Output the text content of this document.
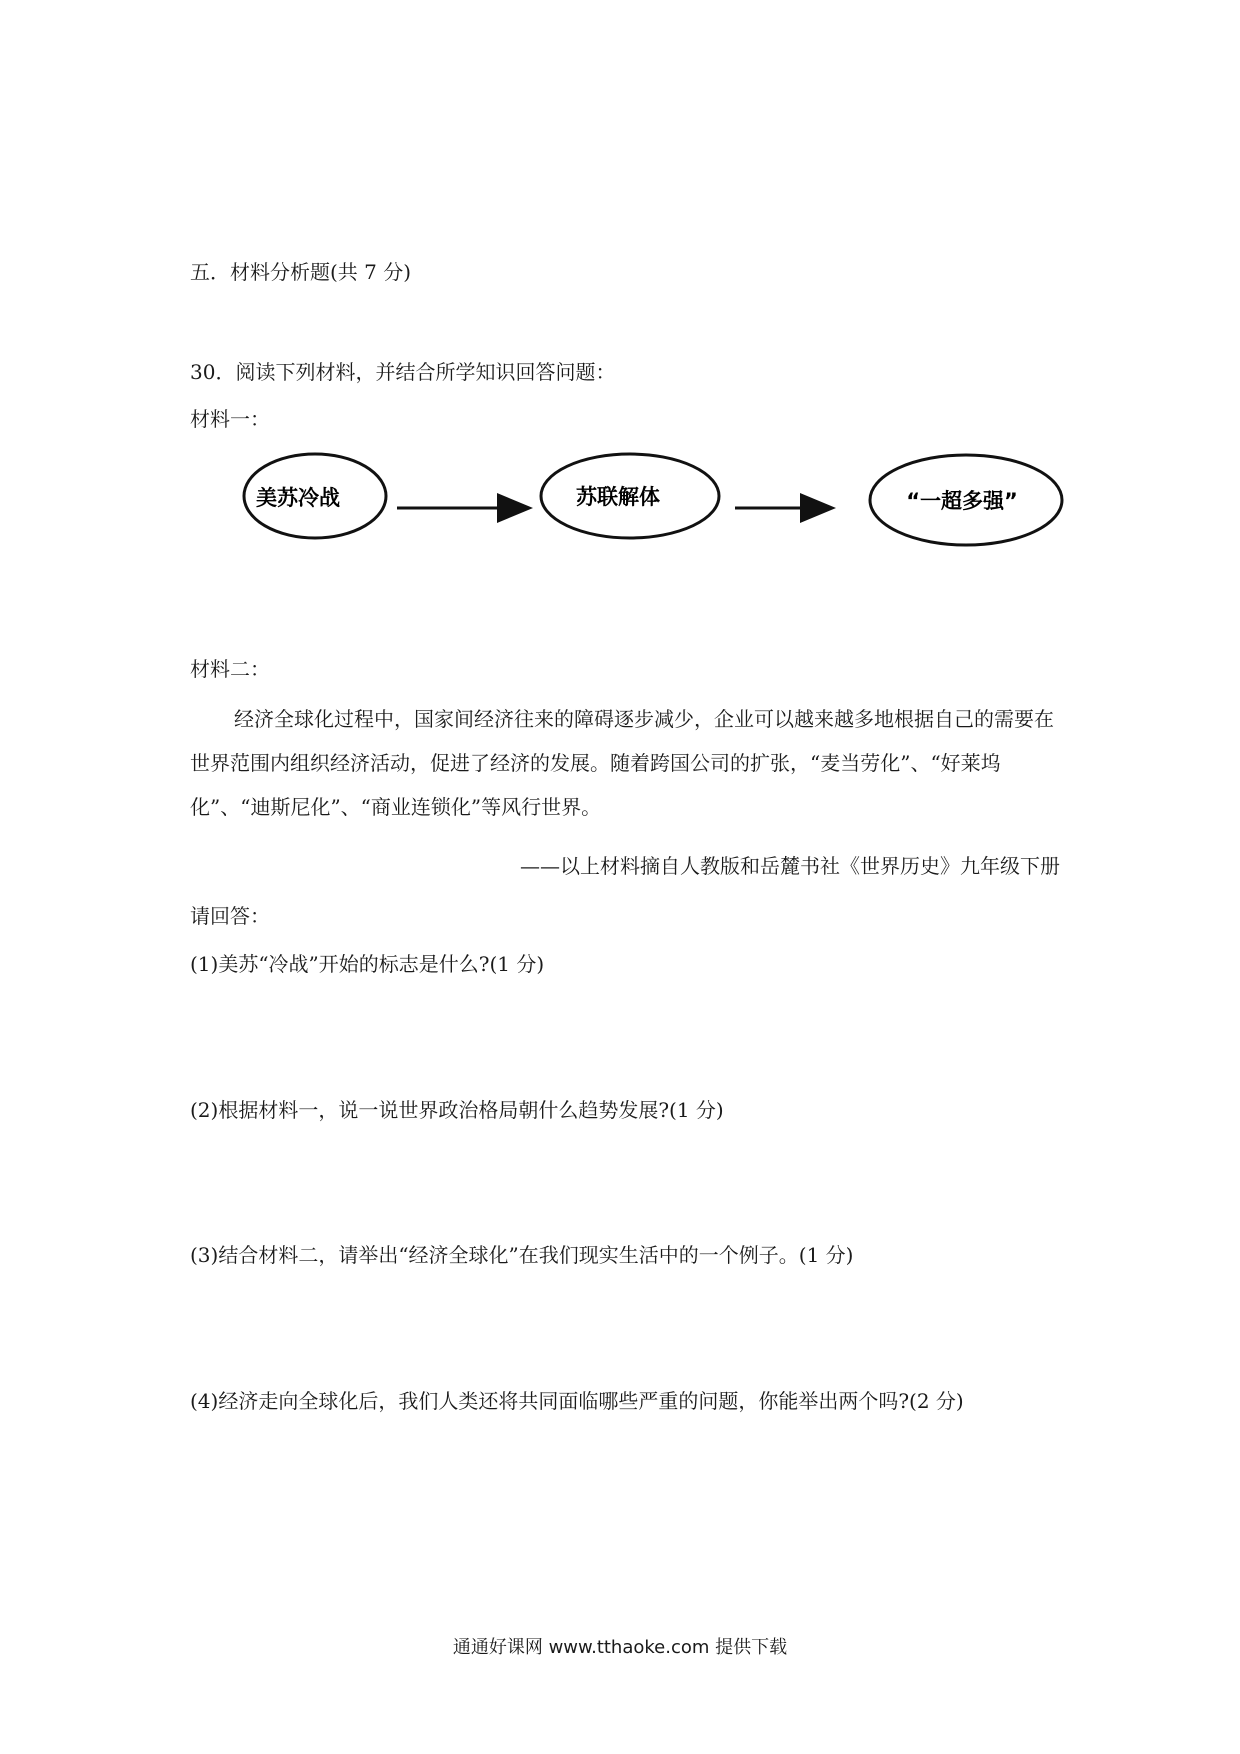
五．材料分析题(共 7 分)
30．阅读下列材料，并结合所学知识回答问题：
材料一：
美苏冷战	苏联解体	“一超多强”
材料二：
经济全球化过程中，国家间经济往来的障碍逐步减少，企业可以越来越多地根据自己的需要在世界范围内组织经济活动，促进了经济的发展。随着跨国公司的扩张，“麦当劳化”、“好莱坞化”、“迪斯尼化”、“商业连锁化”等风行世界。
——以上材料摘自人教版和岳麓书社《世界历史》九年级下册
请回答：
(1)美苏“冷战”开始的标志是什么?(1 分)
(2)根据材料一，说一说世界政治格局朝什么趋势发展?(1 分)
(3)结合材料二，请举出“经济全球化”在我们现实生活中的一个例子。(1 分)
(4)经济走向全球化后，我们人类还将共同面临哪些严重的问题，你能举出两个吗?(2 分)
通通好课网 www.tthaoke.com 提供下载
